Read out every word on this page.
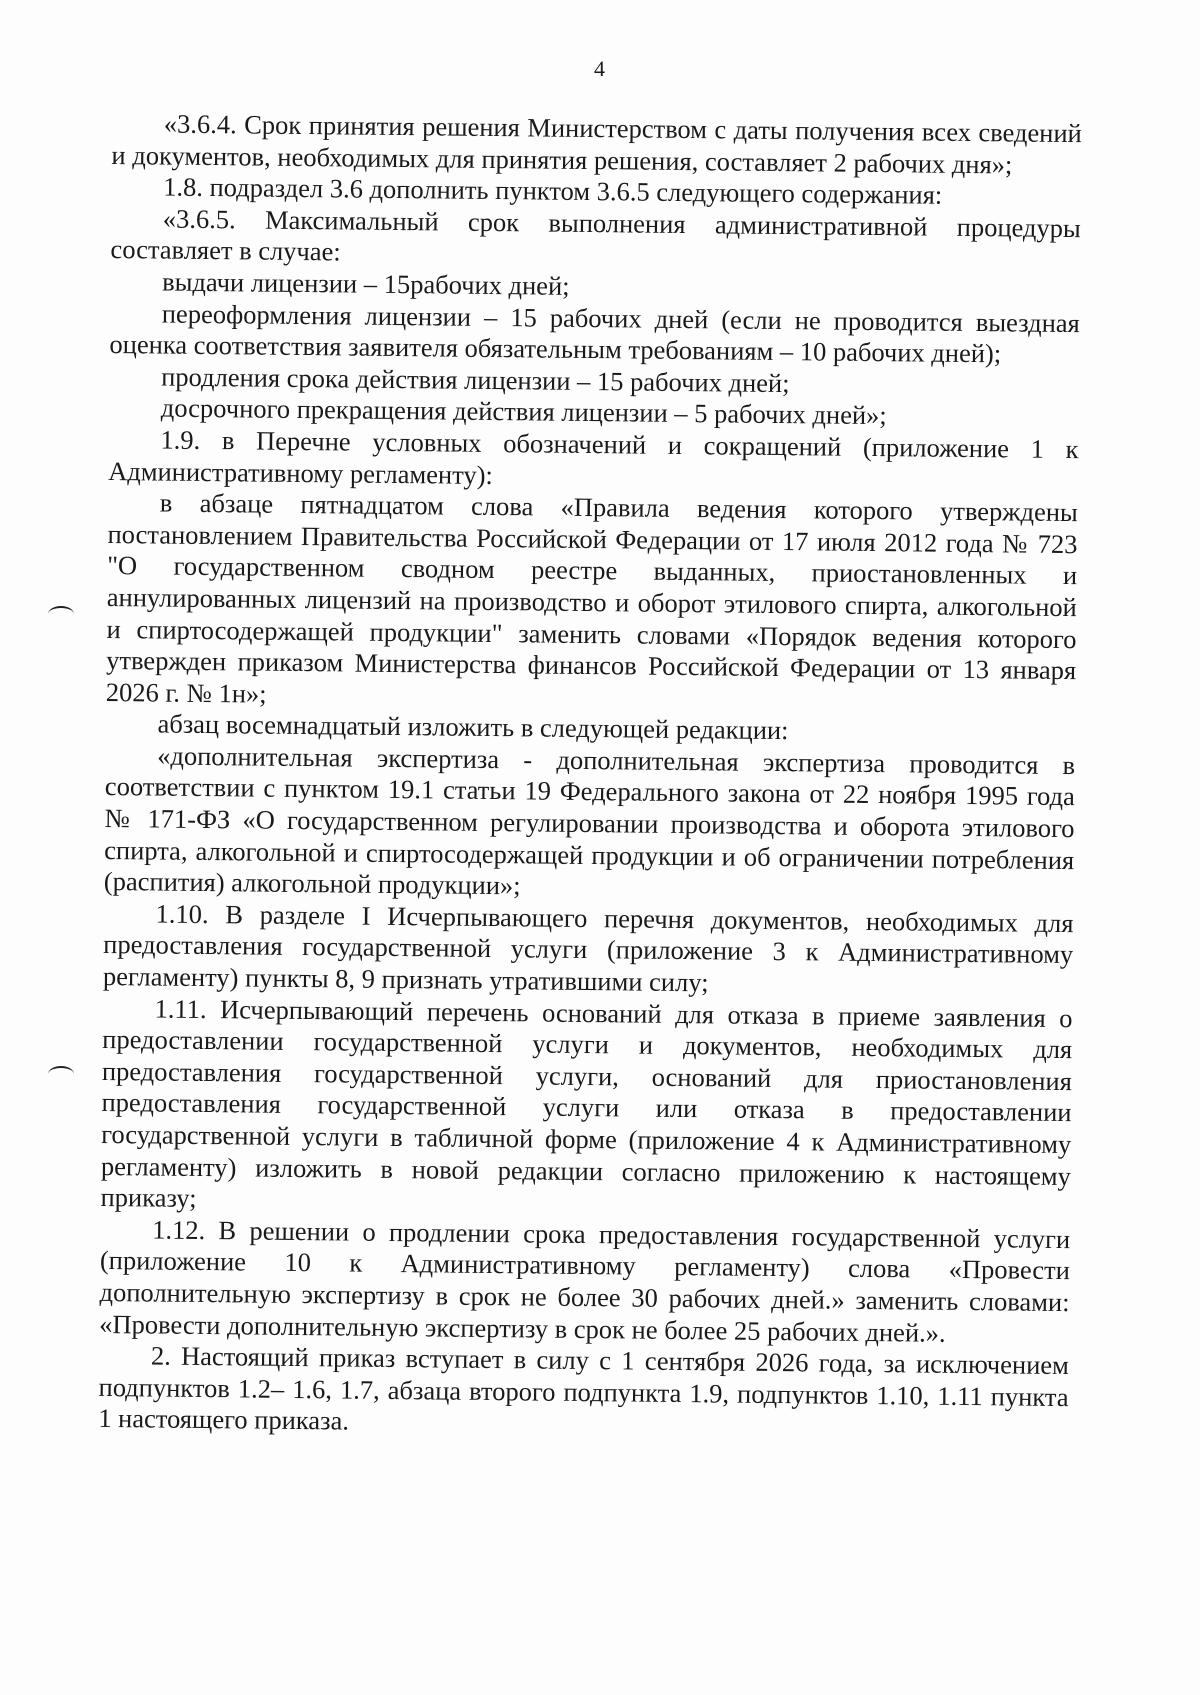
4

«3.6.4. Срок принятия решения Министерством с даты получения всех сведений и документов, необходимых для принятия решения, составляет 2 рабочих дня»;

1.8. подраздел 3.6 дополнить пунктом 3.6.5 следующего содержания:

«3.6.5. Максимальный срок выполнения административной процедуры составляет в случае:

выдачи лицензии – 15рабочих дней;

переоформления лицензии – 15 рабочих дней (если не проводится выездная оценка соответствия заявителя обязательным требованиям – 10 рабочих дней);

продления срока действия лицензии – 15 рабочих дней;

досрочного прекращения действия лицензии – 5 рабочих дней»;

1.9. в Перечне условных обозначений и сокращений (приложение 1 к Административному регламенту):

в абзаце пятнадцатом слова «Правила ведения которого утверждены постановлением Правительства Российской Федерации от 17 июля 2012 года № 723 "О государственном сводном реестре выданных, приостановленных и аннулированных лицензий на производство и оборот этилового спирта, алкогольной и спиртосодержащей продукции" заменить словами «Порядок ведения которого утвержден приказом Министерства финансов Российской Федерации от 13 января 2026 г. № 1н»;

абзац восемнадцатый изложить в следующей редакции:

«дополнительная экспертиза - дополнительная экспертиза проводится в соответствии с пунктом 19.1 статьи 19 Федерального закона от 22 ноября 1995 года № 171-ФЗ «О государственном регулировании производства и оборота этилового спирта, алкогольной и спиртосодержащей продукции и об ограничении потребления (распития) алкогольной продукции»;

1.10. В разделе I Исчерпывающего перечня документов, необходимых для предоставления государственной услуги (приложение 3 к Административному регламенту) пункты 8, 9 признать утратившими силу;

1.11. Исчерпывающий перечень оснований для отказа в приеме заявления о предоставлении государственной услуги и документов, необходимых для предоставления государственной услуги, оснований для приостановления предоставления государственной услуги или отказа в предоставлении государственной услуги в табличной форме (приложение 4 к Административному регламенту) изложить в новой редакции согласно приложению к настоящему приказу;

1.12. В решении о продлении срока предоставления государственной услуги (приложение 10 к Административному регламенту) слова «Провести дополнительную экспертизу в срок не более 30 рабочих дней.» заменить словами: «Провести дополнительную экспертизу в срок не более 25 рабочих дней.».

2. Настоящий приказ вступает в силу с 1 сентября 2026 года, за исключением подпунктов 1.2– 1.6, 1.7, абзаца второго подпункта 1.9, подпунктов 1.10, 1.11 пункта 1 настоящего приказа.
